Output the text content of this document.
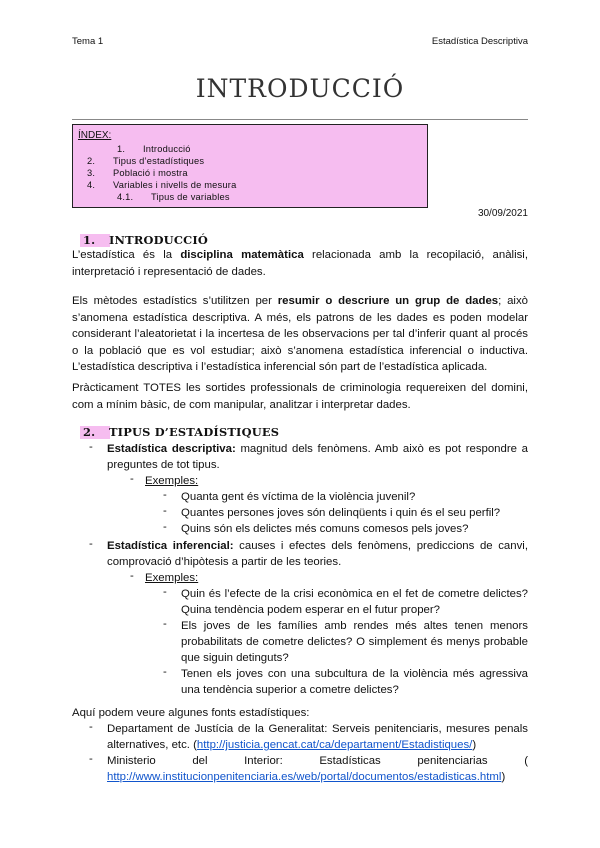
Tema 1	Estadística Descriptiva
INTRODUCCIÓ
ÍNDEX:
1. Introducció
2. Tipus d’estadístiques
3. Població i mostra
4. Variables i nivells de mesura
4.1. Tipus de variables
30/09/2021
1. INTRODUCCIÓ

L’estadística és la disciplina matemàtica relacionada amb la recopilació, anàlisi, interpretació i representació de dades.

Els mètodes estadístics s’utilitzen per resumir o descriure un grup de dades; això s’anomena estadística descriptiva. A més, els patrons de les dades es poden modelar considerant l’aleatorietat i la incertesa de les observacions per tal d’inferir quant al procés o la població que es vol estudiar; això s’anomena estadística inferencial o inductiva. L’estadística descriptiva i l’estadística inferencial són part de l’estadística aplicada.

Pràcticament TOTES les sortides professionals de criminologia requereixen del domini, com a mínim bàsic, de com manipular, analitzar i interpretar dades.

2. TIPUS D’ESTADÍSTIQUES
- Estadística descriptiva: magnitud dels fenòmens. Amb això es pot respondre a preguntes de tot tipus.

- Exemples:
- Quanta gent és víctima de la violència juvenil?
- Quantes persones joves són delinqüents i quin és el seu perfil?
- Quins són els delictes més comuns comesos pels joves?
- Estadística inferencial: causes i efectes dels fenòmens, prediccions de canvi, comprovació d’hipòtesis a partir de les teories.

- Exemples:
- Quin és l’efecte de la crisi econòmica en el fet de cometre delictes? Quina tendència podem esperar en el futur proper?

- Els joves de les famílies amb rendes més altes tenen menors probabilitats de cometre delictes? O simplement és menys probable que siguin detinguts?

- Tenen els joves con una subcultura de la violència més agressiva una tendència superior a cometre delictes?

Aquí podem veure algunes fonts estadístiques:
- Departament de Justícia de la Generalitat: Serveis penitenciaris, mesures penals alternatives, etc. (http://justicia.gencat.cat/ca/departament/Estadistiques/)

- Ministerio del Interior: Estadísticas penitenciarias (

http://www.institucionpenitenciaria.es/web/portal/documentos/estadisticas.html)
